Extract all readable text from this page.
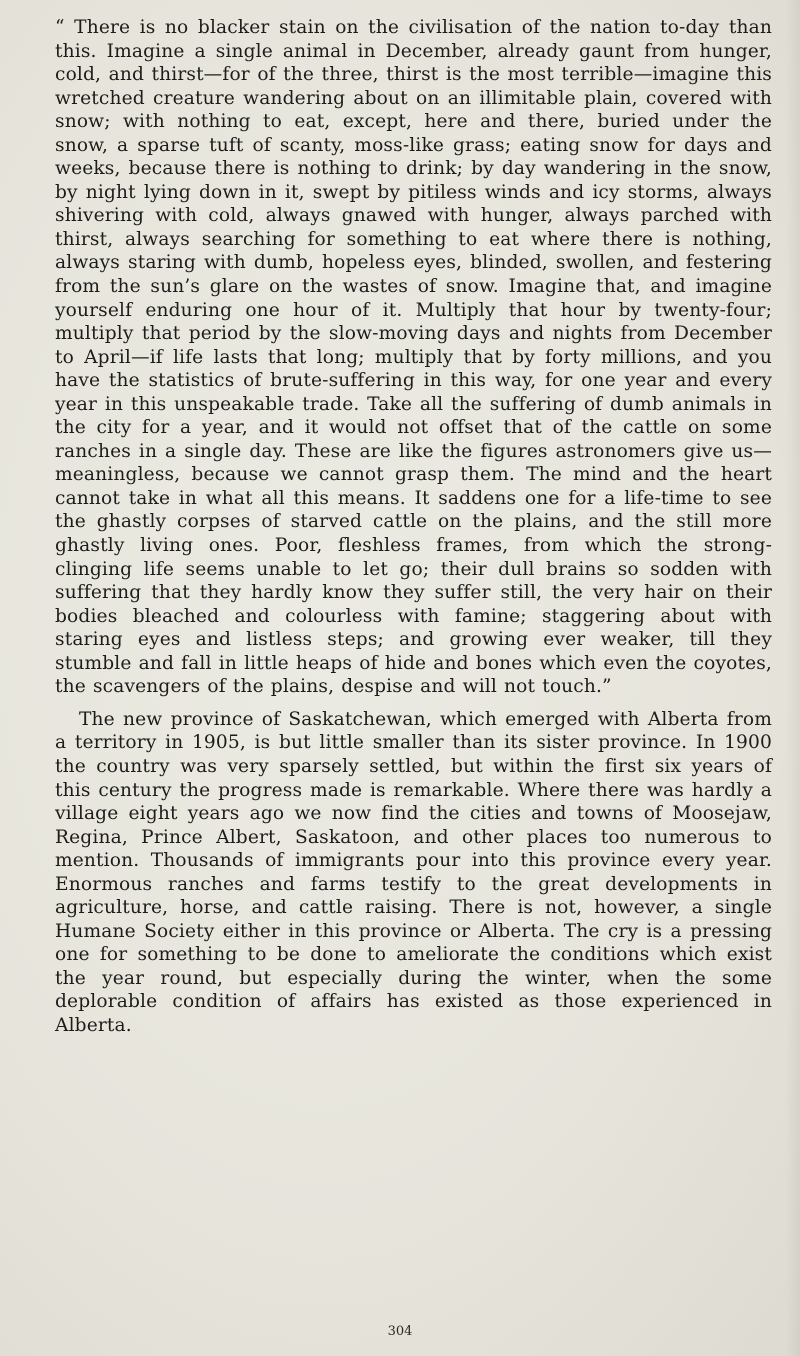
“ There is no blacker stain on the civilisation of the nation to-day than this. Imagine a single animal in December, already gaunt from hunger, cold, and thirst—for of the three, thirst is the most terrible—imagine this wretched creature wandering about on an illimitable plain, covered with snow; with nothing to eat, except, here and there, buried under the snow, a sparse tuft of scanty, moss-like grass; eating snow for days and weeks, because there is nothing to drink; by day wandering in the snow, by night lying down in it, swept by pitiless winds and icy storms, always shivering with cold, always gnawed with hunger, always parched with thirst, always searching for something to eat where there is nothing, always staring with dumb, hopeless eyes, blinded, swollen, and festering from the sun’s glare on the wastes of snow. Imagine that, and imagine yourself enduring one hour of it. Multiply that hour by twenty-four; multiply that period by the slow-moving days and nights from December to April—if life lasts that long; multiply that by forty millions, and you have the statistics of brute-suffering in this way, for one year and every year in this unspeakable trade. Take all the suffering of dumb animals in the city for a year, and it would not offset that of the cattle on some ranches in a single day. These are like the figures astronomers give us—meaningless, because we cannot grasp them. The mind and the heart cannot take in what all this means. It saddens one for a life-time to see the ghastly corpses of starved cattle on the plains, and the still more ghastly living ones. Poor, fleshless frames, from which the strong-clinging life seems unable to let go; their dull brains so sodden with suffering that they hardly know they suffer still, the very hair on their bodies bleached and colourless with famine; staggering about with staring eyes and listless steps; and growing ever weaker, till they stumble and fall in little heaps of hide and bones which even the coyotes, the scavengers of the plains, despise and will not touch.”

The new province of Saskatchewan, which emerged with Alberta from a territory in 1905, is but little smaller than its sister province. In 1900 the country was very sparsely settled, but within the first six years of this century the progress made is remarkable. Where there was hardly a village eight years ago we now find the cities and towns of Moosejaw, Regina, Prince Albert, Saskatoon, and other places too numerous to mention. Thousands of immigrants pour into this province every year. Enormous ranches and farms testify to the great developments in agriculture, horse, and cattle raising. There is not, however, a single Humane Society either in this province or Alberta. The cry is a pressing one for something to be done to ameliorate the conditions which exist the year round, but especially during the winter, when the some deplorable condition of affairs has existed as those experienced in Alberta.

304
